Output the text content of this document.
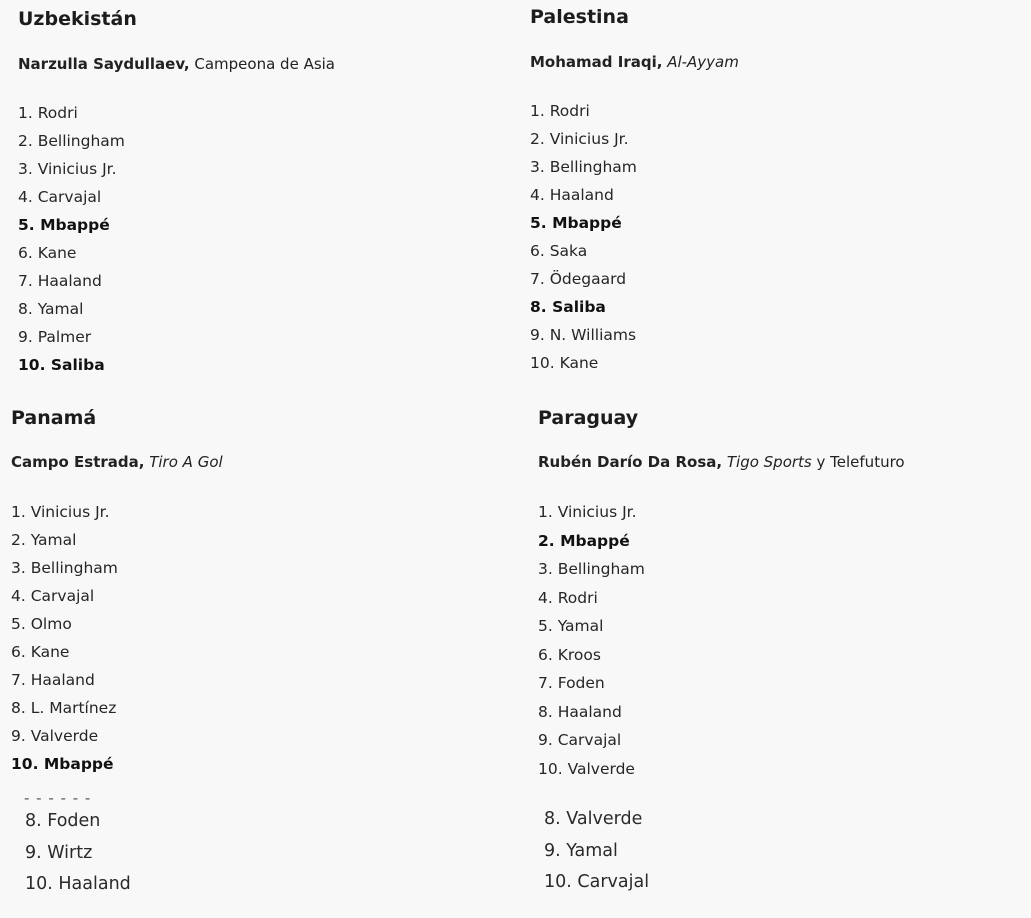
Uzbekistán

Narzulla Saydullaev, Campeona de Asia

1. Rodri
2. Bellingham
3. Vinicius Jr.
4. Carvajal
5. Mbappé
6. Kane
7. Haaland
8. Yamal
9. Palmer
10. Saliba
Palestina

Mohamad Iraqi, Al-Ayyam

1. Rodri
2. Vinicius Jr.
3. Bellingham
4. Haaland
5. Mbappé
6. Saka
7. Ödegaard
8. Saliba
9. N. Williams
10. Kane
Panamá

Campo Estrada, Tiro A Gol

1. Vinicius Jr.
2. Yamal
3. Bellingham
4. Carvajal
5. Olmo
6. Kane
7. Haaland
8. L. Martínez
9. Valverde
10. Mbappé
Paraguay

Rubén Darío Da Rosa, Tigo Sports y Telefuturo

1. Vinicius Jr.
2. Mbappé
3. Bellingham
4. Rodri
5. Yamal
6. Kroos
7. Foden
8. Haaland
9. Carvajal
10. Valverde
- - - - - -
8. Foden
9. Wirtz
10. Haaland
8. Valverde
9. Yamal
10. Carvajal
